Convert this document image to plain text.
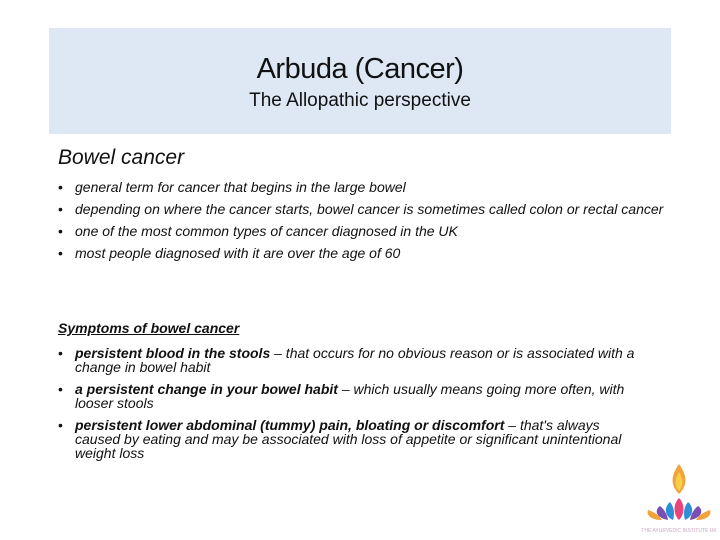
Arbuda (Cancer)
The Allopathic perspective
Bowel cancer
• general term for cancer that begins in the large bowel
• depending on where the cancer starts, bowel cancer is sometimes called colon or rectal cancer
• one of the most common types of cancer diagnosed in the UK
• most people diagnosed with it are over the age of 60
Symptoms of bowel cancer
• persistent blood in the stools – that occurs for no obvious reason or is associated with a change in bowel habit
• a persistent change in your bowel habit – which usually means going more often, with looser stools
• persistent lower abdominal (tummy) pain, bloating or discomfort – that's always caused by eating and may be associated with loss of appetite or significant unintentional weight loss
THE AYURVEDIC INSTITUTE UK
